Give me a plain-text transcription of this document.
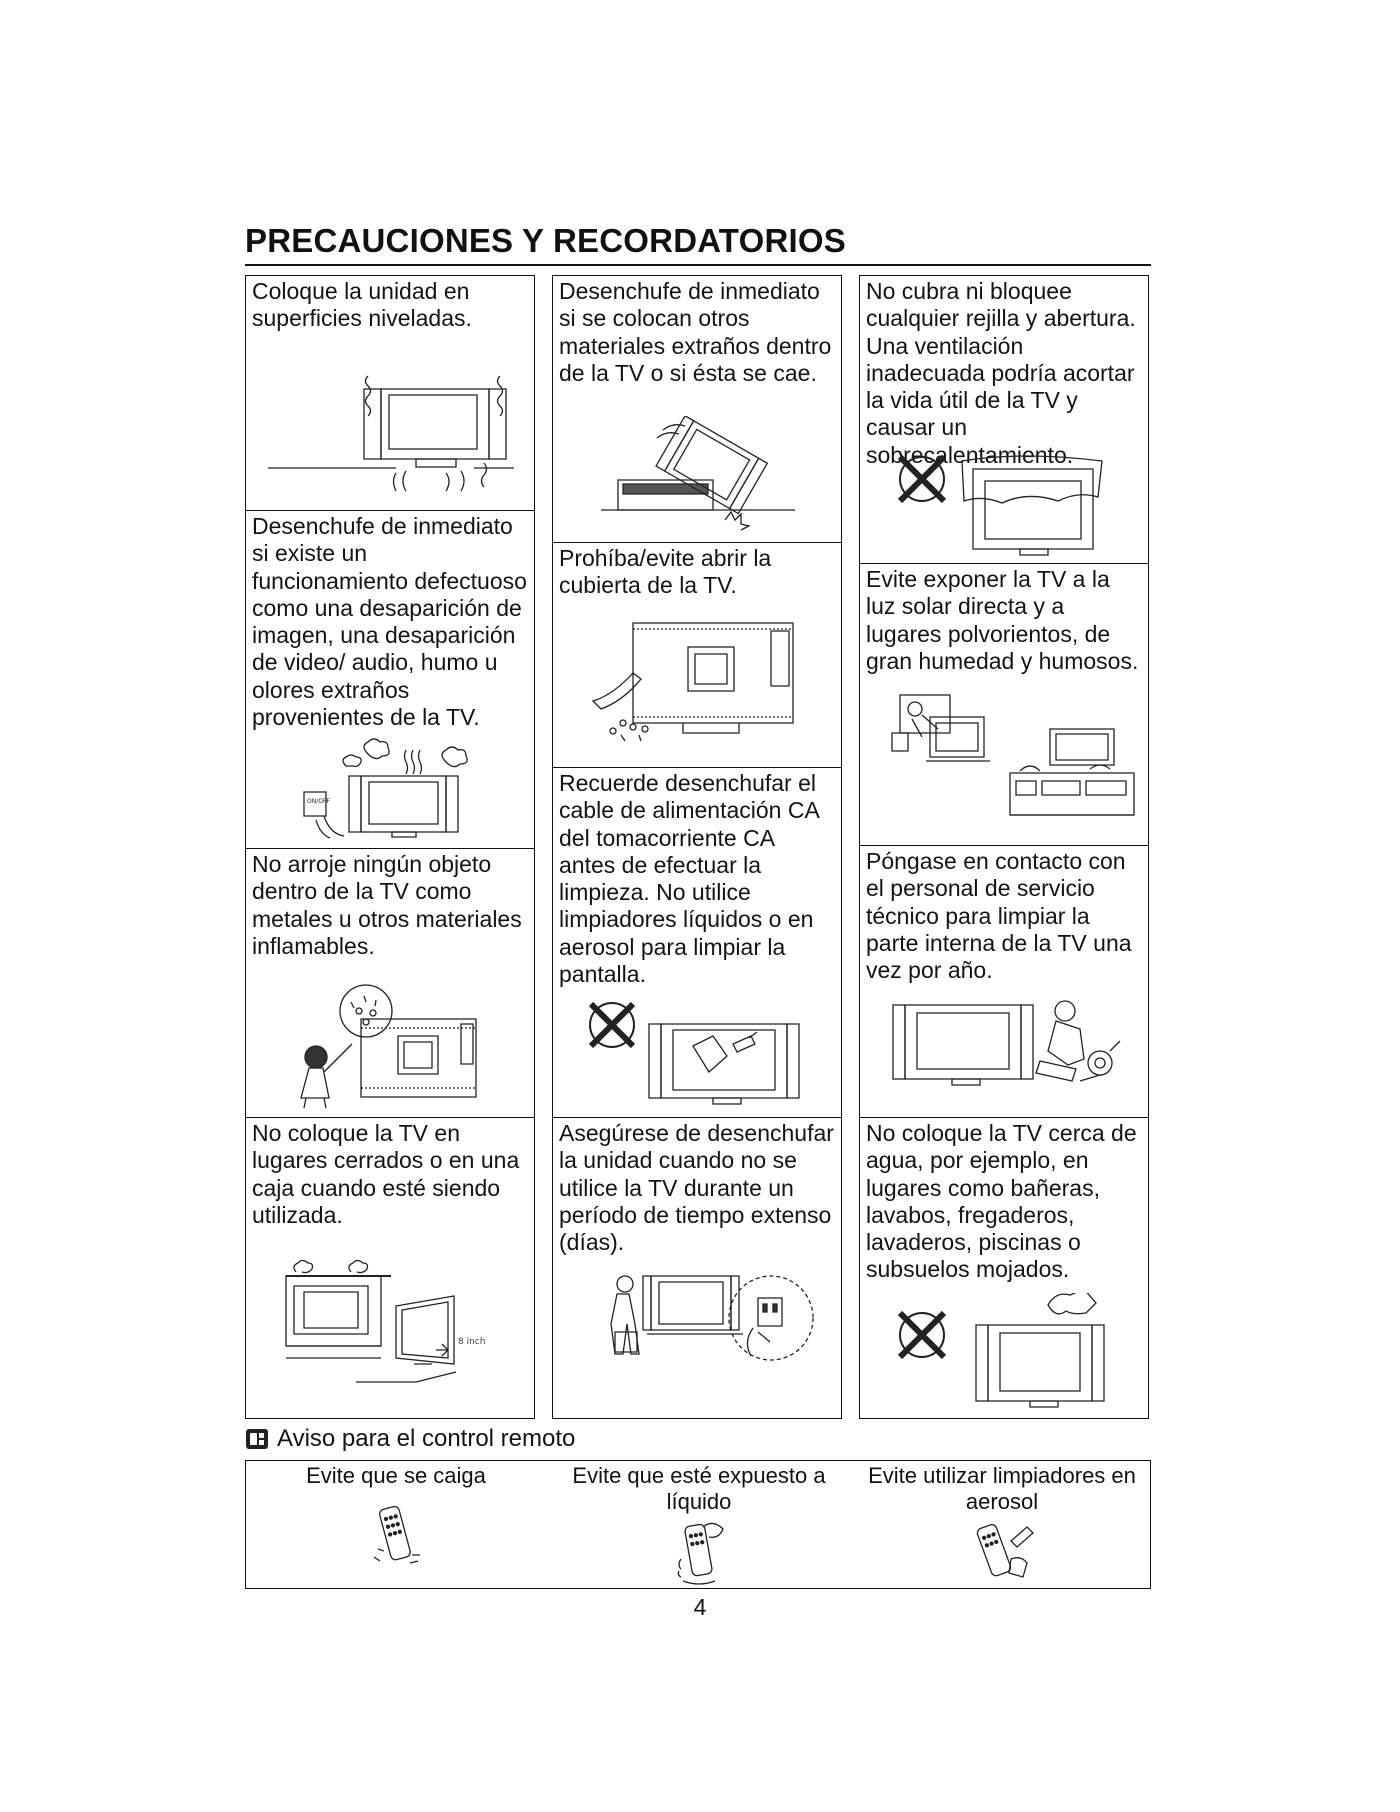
PRECAUCIONES Y RECORDATORIOS

Coloque la unidad en superficies niveladas.

Desenchufe de inmediato si existe un funcionamiento defectuoso como una desaparición de imagen, una desaparición de video/ audio, humo u olores extraños provenientes de la TV.

ON/OFF

No arroje ningún objeto dentro de la TV como metales u otros materiales inflamables.

No coloque la TV en lugares cerrados o en una caja cuando esté siendo utilizada.

8 inch

Desenchufe de inmediato si se colocan otros materiales extraños dentro de la TV o si ésta se cae.

Prohíba/evite abrir la cubierta de la TV.

Recuerde desenchufar el cable de alimentación CA del tomacorriente CA antes de efectuar la limpieza. No utilice limpiadores líquidos o en aerosol para limpiar la pantalla.

Asegúrese de desenchufar la unidad cuando no se utilice la TV durante un período de tiempo extenso (días).

No cubra ni bloquee cualquier rejilla y abertura. Una ventilación inadecuada podría acortar la vida útil de la TV y causar un sobrecalentamiento.

Evite exponer la TV a la luz solar directa y a lugares polvorientos, de gran humedad y humosos.

Póngase en contacto con el personal de servicio técnico para limpiar la parte interna de la TV una vez por año.

No coloque la TV cerca de agua, por ejemplo, en lugares como bañeras, lavabos, fregaderos, lavaderos, piscinas o subsuelos mojados.

Aviso para el control remoto
Evite que se caiga	Evite que esté expuesto a líquido
Evite utilizar limpiadores en aerosol
4
